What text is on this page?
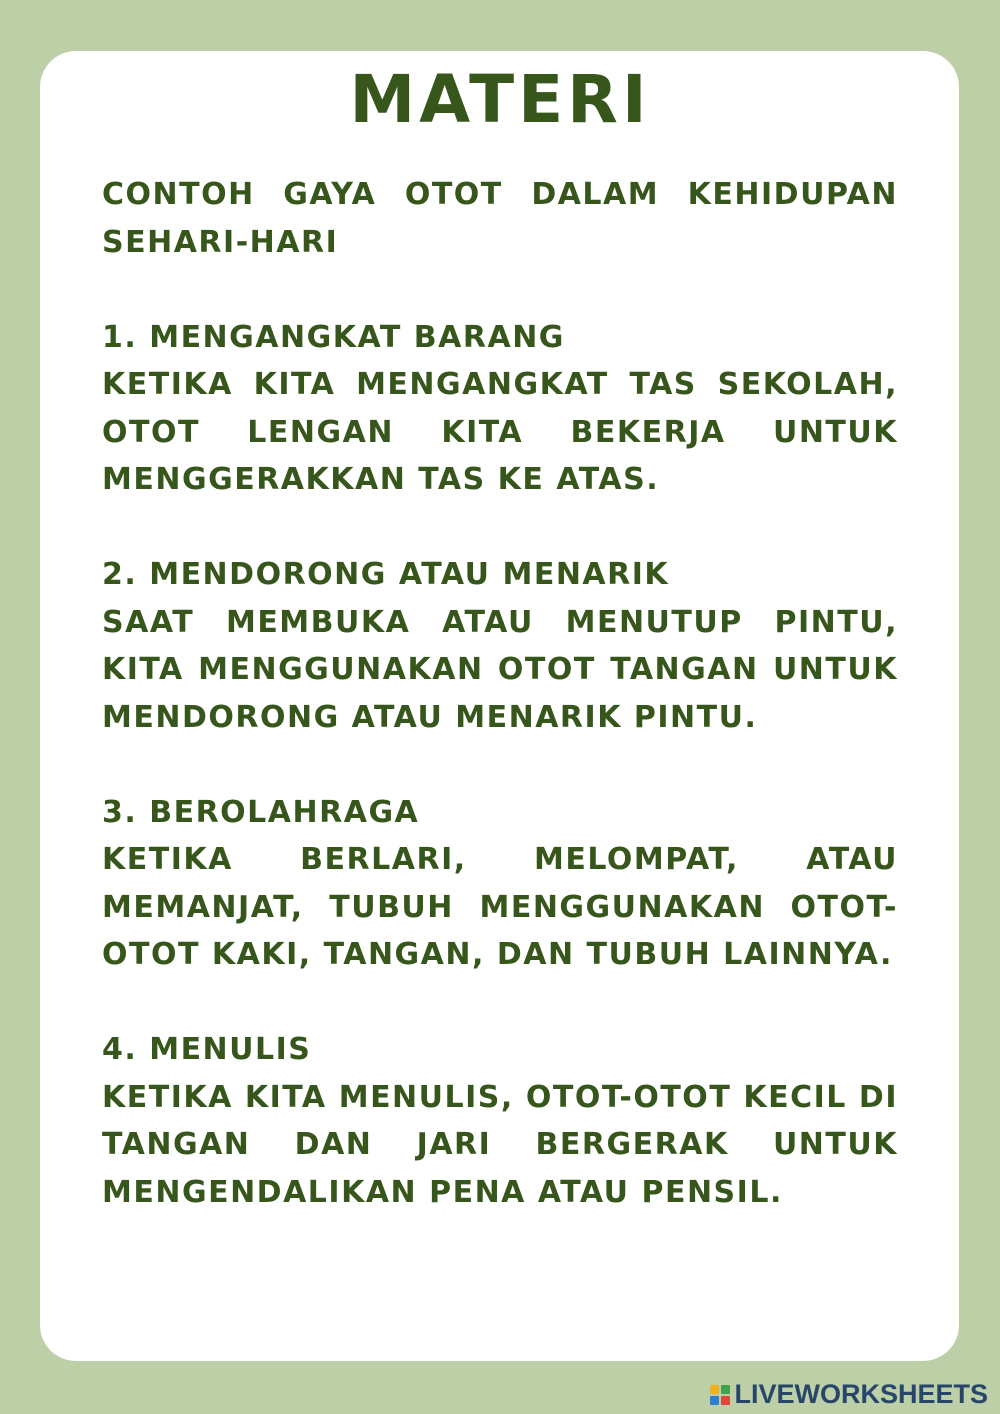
MATERI

CONTOH GAYA OTOT DALAM KEHIDUPAN SEHARI-HARI

1. MENGANGKAT BARANG

KETIKA KITA MENGANGKAT TAS SEKOLAH, OTOT LENGAN KITA BEKERJA UNTUK MENGGERAKKAN TAS KE ATAS.

2. MENDORONG ATAU MENARIK

SAAT MEMBUKA ATAU MENUTUP PINTU, KITA MENGGUNAKAN OTOT TANGAN UNTUK MENDORONG ATAU MENARIK PINTU.

3. BEROLAHRAGA

KETIKA BERLARI, MELOMPAT, ATAU MEMANJAT, TUBUH MENGGUNAKAN OTOT-OTOT KAKI, TANGAN, DAN TUBUH LAINNYA.

4. MENULIS

KETIKA KITA MENULIS, OTOT-OTOT KECIL DI TANGAN DAN JARI BERGERAK UNTUK MENGENDALIKAN PENA ATAU PENSIL.

LIVEWORKSHEETS
